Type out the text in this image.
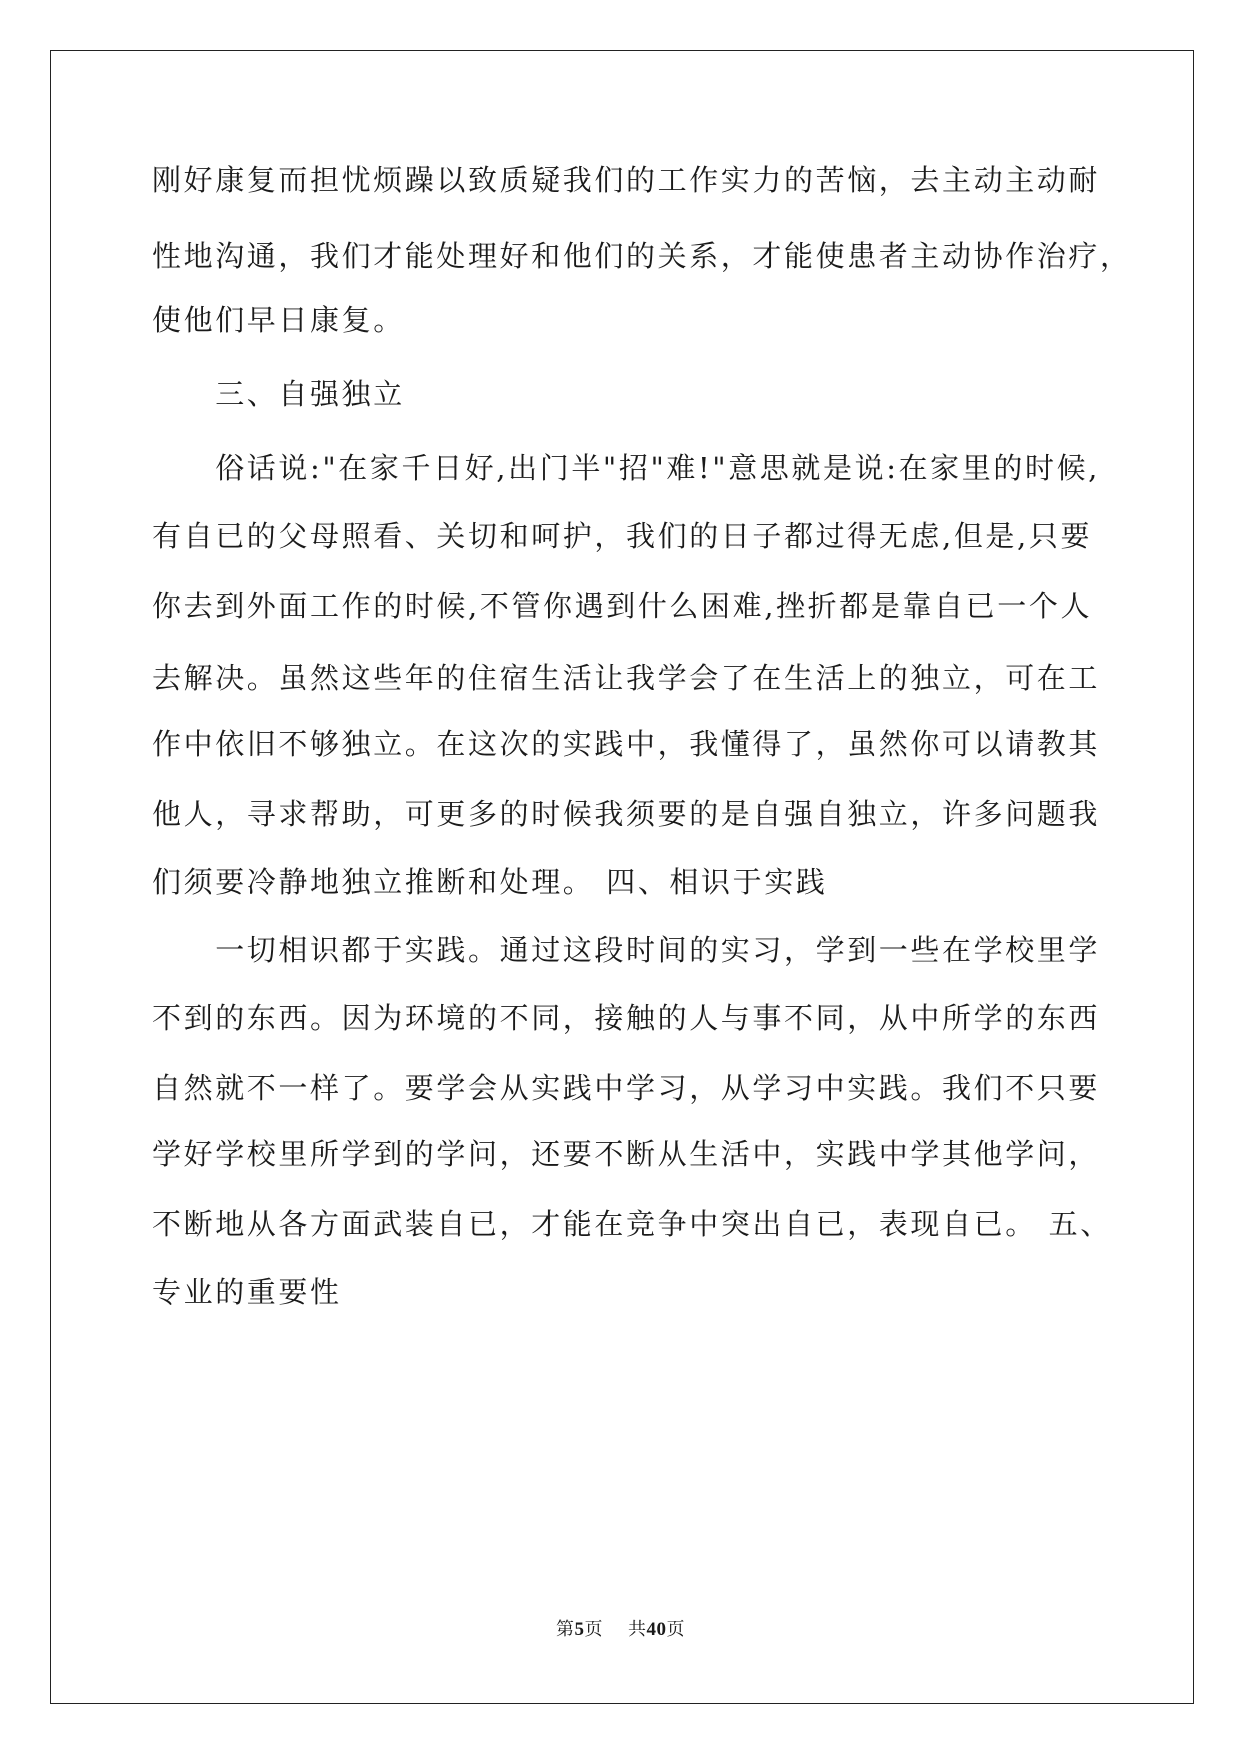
刚好康复而担忧烦躁以致质疑我们的工作实力的苦恼，去主动主动耐
性地沟通，我们才能处理好和他们的关系，才能使患者主动协作治疗，
使他们早日康复。
　　三、自强独立
　　俗话说:"在家千日好,出门半"招"难!"意思就是说:在家里的时候,
有自已的父母照看、关切和呵护，我们的日子都过得无虑,但是,只要
你去到外面工作的时候,不管你遇到什么困难,挫折都是靠自已一个人
去解决。虽然这些年的住宿生活让我学会了在生活上的独立，可在工
作中依旧不够独立。在这次的实践中，我懂得了，虽然你可以请教其
他人，寻求帮助，可更多的时候我须要的是自强自独立，许多问题我
们须要冷静地独立推断和处理。 四、相识于实践
　　一切相识都于实践。通过这段时间的实习，学到一些在学校里学
不到的东西。因为环境的不同，接触的人与事不同，从中所学的东西
自然就不一样了。要学会从实践中学习，从学习中实践。我们不只要
学好学校里所学到的学问，还要不断从生活中，实践中学其他学问，
不断地从各方面武装自已，才能在竞争中突出自已，表现自已。 五、
专业的重要性
第5页 共40页
